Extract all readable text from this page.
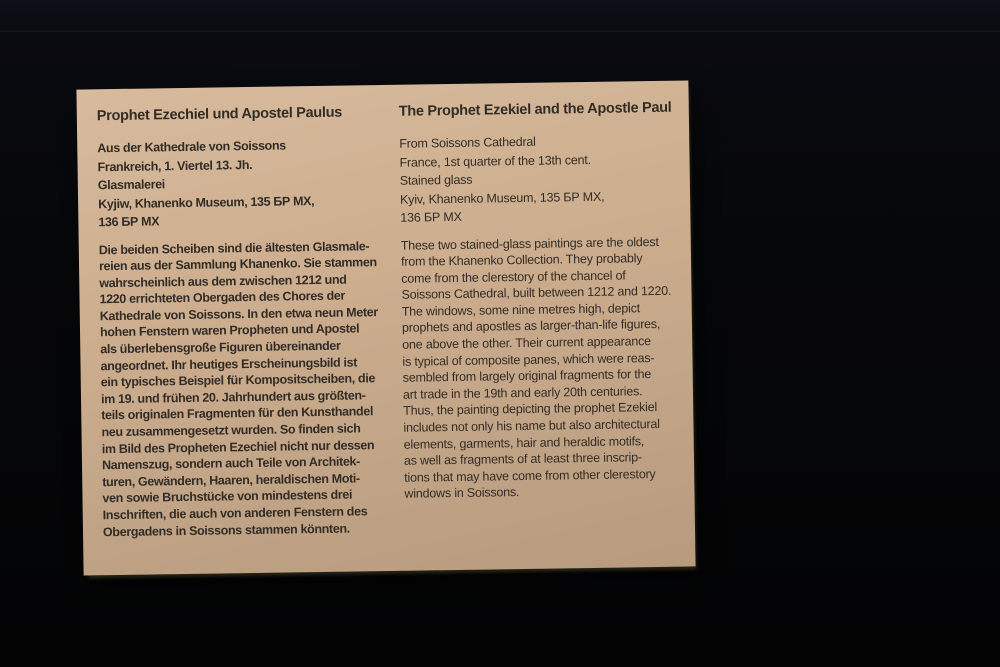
Prophet Ezechiel und Apostel Paulus
Aus der Kathedrale von Soissons
Frankreich, 1. Viertel 13. Jh.
Glasmalerei
Kyjiw, Khanenko Museum, 135 БР МХ,
136 БР МХ
Die beiden Scheiben sind die ältesten Glasmale-
reien aus der Sammlung Khanenko. Sie stammen
wahrscheinlich aus dem zwischen 1212 und
1220 errichteten Obergaden des Chores der
Kathedrale von Soissons. In den etwa neun Meter
hohen Fenstern waren Propheten und Apostel
als überlebensgroße Figuren übereinander
angeordnet. Ihr heutiges Erscheinungsbild ist
ein typisches Beispiel für Kompositscheiben, die
im 19. und frühen 20. Jahrhundert aus größten-
teils originalen Fragmenten für den Kunsthandel
neu zusammengesetzt wurden. So finden sich
im Bild des Propheten Ezechiel nicht nur dessen
Namenszug, sondern auch Teile von Architek-
turen, Gewändern, Haaren, heraldischen Moti-
ven sowie Bruchstücke von mindestens drei
Inschriften, die auch von anderen Fenstern des
Obergadens in Soissons stammen könnten.
The Prophet Ezekiel and the Apostle Paul
From Soissons Cathedral
France, 1st quarter of the 13th cent.
Stained glass
Kyiv, Khanenko Museum, 135 БР МХ,
136 БР МХ
These two stained-glass paintings are the oldest
from the Khanenko Collection. They probably
come from the clerestory of the chancel of
Soissons Cathedral, built between 1212 and 1220.
The windows, some nine metres high, depict
prophets and apostles as larger-than-life figures,
one above the other. Their current appearance
is typical of composite panes, which were reas-
sembled from largely original fragments for the
art trade in the 19th and early 20th centuries.
Thus, the painting depicting the prophet Ezekiel
includes not only his name but also architectural
elements, garments, hair and heraldic motifs,
as well as fragments of at least three inscrip-
tions that may have come from other clerestory
windows in Soissons.
